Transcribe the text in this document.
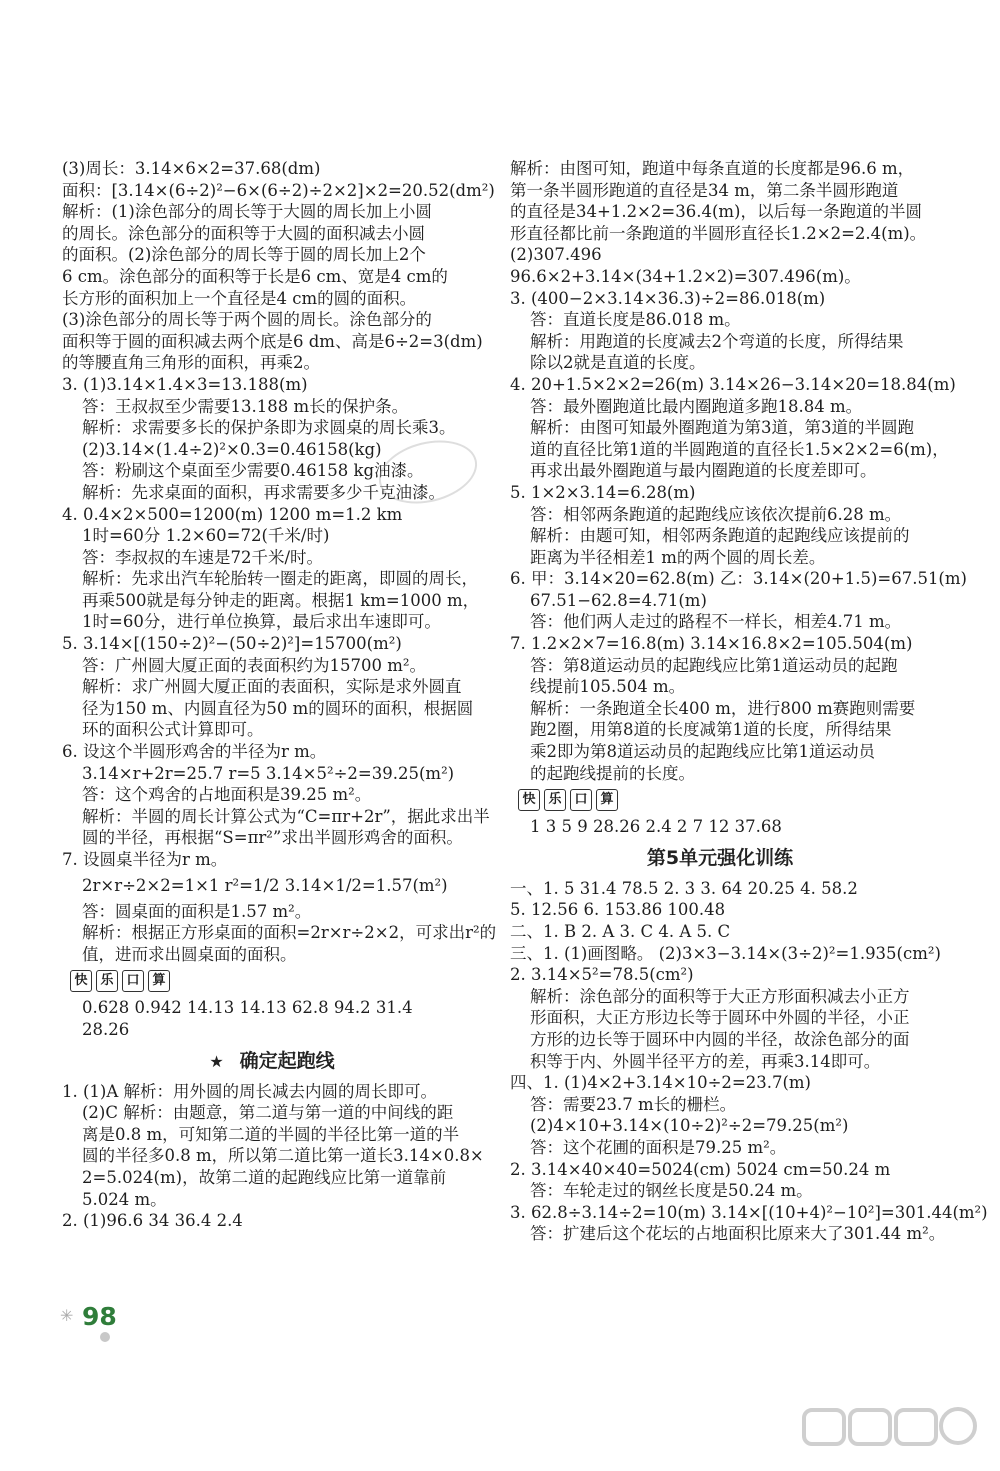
(3)周长：3.14×6×2=37.68(dm)
面积：[3.14×(6÷2)²−6×(6÷2)÷2×2]×2=20.52(dm²)
解析：(1)涂色部分的周长等于大圆的周长加上小圆
的周长。涂色部分的面积等于大圆的面积减去小圆
的面积。(2)涂色部分的周长等于圆的周长加上2个
6 cm。涂色部分的面积等于长是6 cm、宽是4 cm的
长方形的面积加上一个直径是4 cm的圆的面积。
(3)涂色部分的周长等于两个圆的周长。涂色部分的
面积等于圆的面积减去两个底是6 dm、高是6÷2=3(dm)
的等腰直角三角形的面积，再乘2。
3. (1)3.14×1.4×3=13.188(m)
答：王叔叔至少需要13.188 m长的保护条。
解析：求需要多长的保护条即为求圆桌的周长乘3。
(2)3.14×(1.4÷2)²×0.3=0.46158(kg)
答：粉刷这个桌面至少需要0.46158 kg油漆。
解析：先求桌面的面积，再求需要多少千克油漆。
4. 0.4×2×500=1200(m) 1200 m=1.2 km
1时=60分 1.2×60=72(千米/时)
答：李叔叔的车速是72千米/时。
解析：先求出汽车轮胎转一圈走的距离，即圆的周长，
再乘500就是每分钟走的距离。根据1 km=1000 m，
1时=60分，进行单位换算，最后求出车速即可。
5. 3.14×[(150÷2)²−(50÷2)²]=15700(m²)
答：广州圆大厦正面的表面积约为15700 m²。
解析：求广州圆大厦正面的表面积，实际是求外圆直
径为150 m、内圆直径为50 m的圆环的面积，根据圆
环的面积公式计算即可。
6. 设这个半圆形鸡舍的半径为r m。
3.14×r+2r=25.7 r=5 3.14×5²÷2=39.25(m²)
答：这个鸡舍的占地面积是39.25 m²。
解析：半圆的周长计算公式为“C=πr+2r”，据此求出半
圆的半径，再根据“S=πr²”求出半圆形鸡舍的面积。
7. 设圆桌半径为r m。
2r×r÷2×2=1×1 r²=1/2 3.14×1/2=1.57(m²)
答：圆桌面的面积是1.57 m²。
解析：根据正方形桌面的面积=2r×r÷2×2，可求出r²的
值，进而求出圆桌面的面积。
快 乐 口 算
0.628 0.942 14.13 14.13 62.8 94.2 31.4
28.26
★ 确定起跑线
1. (1)A 解析：用外圆的周长减去内圆的周长即可。
(2)C 解析：由题意，第二道与第一道的中间线的距
离是0.8 m，可知第二道的半圆的半径比第一道的半
圆的半径多0.8 m，所以第二道比第一道长3.14×0.8×
2=5.024(m)，故第二道的起跑线应比第一道靠前
5.024 m。
2. (1)96.6 34 36.4 2.4
解析：由图可知，跑道中每条直道的长度都是96.6 m，
第一条半圆形跑道的直径是34 m，第二条半圆形跑道
的直径是34+1.2×2=36.4(m)，以后每一条跑道的半圆
形直径都比前一条跑道的半圆形直径长1.2×2=2.4(m)。
(2)307.496
96.6×2+3.14×(34+1.2×2)=307.496(m)。
3. (400−2×3.14×36.3)÷2=86.018(m)
答：直道长度是86.018 m。
解析：用跑道的长度减去2个弯道的长度，所得结果
除以2就是直道的长度。
4. 20+1.5×2×2=26(m) 3.14×26−3.14×20=18.84(m)
答：最外圈跑道比最内圈跑道多跑18.84 m。
解析：由图可知最外圈跑道为第3道，第3道的半圆跑
道的直径比第1道的半圆跑道的直径长1.5×2×2=6(m)，
再求出最外圈跑道与最内圈跑道的长度差即可。
5. 1×2×3.14=6.28(m)
答：相邻两条跑道的起跑线应该依次提前6.28 m。
解析：由题可知，相邻两条跑道的起跑线应该提前的
距离为半径相差1 m的两个圆的周长差。
6. 甲：3.14×20=62.8(m) 乙：3.14×(20+1.5)=67.51(m)
67.51−62.8=4.71(m)
答：他们两人走过的路程不一样长，相差4.71 m。
7. 1.2×2×7=16.8(m) 3.14×16.8×2=105.504(m)
答：第8道运动员的起跑线应比第1道运动员的起跑
线提前105.504 m。
解析：一条跑道全长400 m，进行800 m赛跑则需要
跑2圈，用第8道的长度减第1道的长度，所得结果
乘2即为第8道运动员的起跑线应比第1道运动员
的起跑线提前的长度。
快 乐 口 算
1 3 5 9 28.26 2.4 2 7 12 37.68
第5单元强化训练
一、1. 5 31.4 78.5 2. 3 3. 64 20.25 4. 58.2
5. 12.56 6. 153.86 100.48
二、1. B 2. A 3. C 4. A 5. C
三、1. (1)画图略。 (2)3×3−3.14×(3÷2)²=1.935(cm²)
2. 3.14×5²=78.5(cm²)
解析：涂色部分的面积等于大正方形面积减去小正方
形面积，大正方形边长等于圆环中外圆的半径，小正
方形的边长等于圆环中内圆的半径，故涂色部分的面
积等于内、外圆半径平方的差，再乘3.14即可。
四、1. (1)4×2+3.14×10÷2=23.7(m)
答：需要23.7 m长的栅栏。
(2)4×10+3.14×(10÷2)²÷2=79.25(m²)
答：这个花圃的面积是79.25 m²。
2. 3.14×40×40=5024(cm) 5024 cm=50.24 m
答：车轮走过的钢丝长度是50.24 m。
3. 62.8÷3.14÷2=10(m) 3.14×[(10+4)²−10²]=301.44(m²)
答：扩建后这个花坛的占地面积比原来大了301.44 m²。
✳ 98
